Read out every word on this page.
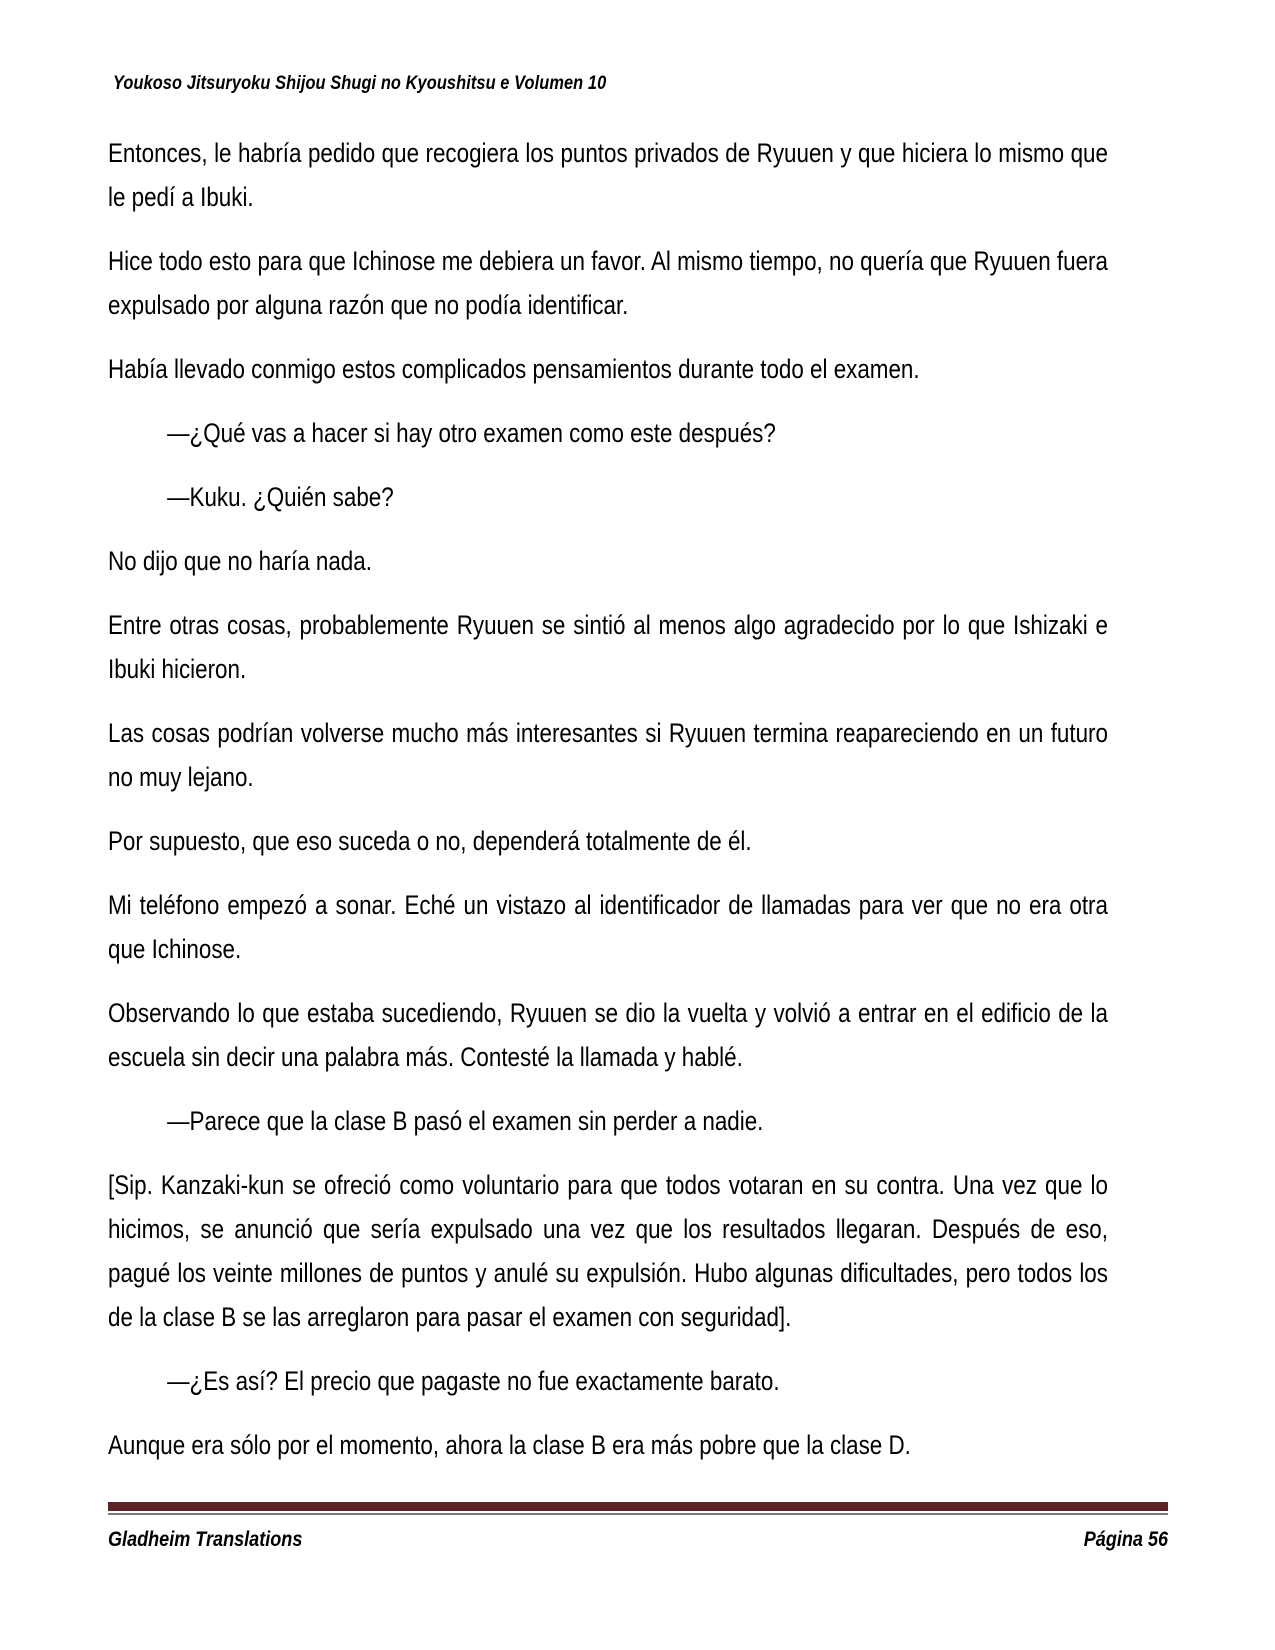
Youkoso Jitsuryoku Shijou Shugi no Kyoushitsu e Volumen 10

Entonces, le habría pedido que recogiera los puntos privados de Ryuuen y que hiciera lo mismo que le pedí a Ibuki.

Hice todo esto para que Ichinose me debiera un favor. Al mismo tiempo, no quería que Ryuuen fuera expulsado por alguna razón que no podía identificar.

Había llevado conmigo estos complicados pensamientos durante todo el examen.

—¿Qué vas a hacer si hay otro examen como este después?

—Kuku. ¿Quién sabe?

No dijo que no haría nada.

Entre otras cosas, probablemente Ryuuen se sintió al menos algo agradecido por lo que Ishizaki e Ibuki hicieron.

Las cosas podrían volverse mucho más interesantes si Ryuuen termina reapareciendo en un futuro no muy lejano.

Por supuesto, que eso suceda o no, dependerá totalmente de él.

Mi teléfono empezó a sonar. Eché un vistazo al identificador de llamadas para ver que no era otra que Ichinose.

Observando lo que estaba sucediendo, Ryuuen se dio la vuelta y volvió a entrar en el edificio de la escuela sin decir una palabra más. Contesté la llamada y hablé.

—Parece que la clase B pasó el examen sin perder a nadie.

[Sip. Kanzaki-kun se ofreció como voluntario para que todos votaran en su contra. Una vez que lo hicimos, se anunció que sería expulsado una vez que los resultados llegaran. Después de eso, pagué los veinte millones de puntos y anulé su expulsión. Hubo algunas dificultades, pero todos los de la clase B se las arreglaron para pasar el examen con seguridad].

—¿Es así? El precio que pagaste no fue exactamente barato.

Aunque era sólo por el momento, ahora la clase B era más pobre que la clase D.

Gladheim Translations	Página 56
